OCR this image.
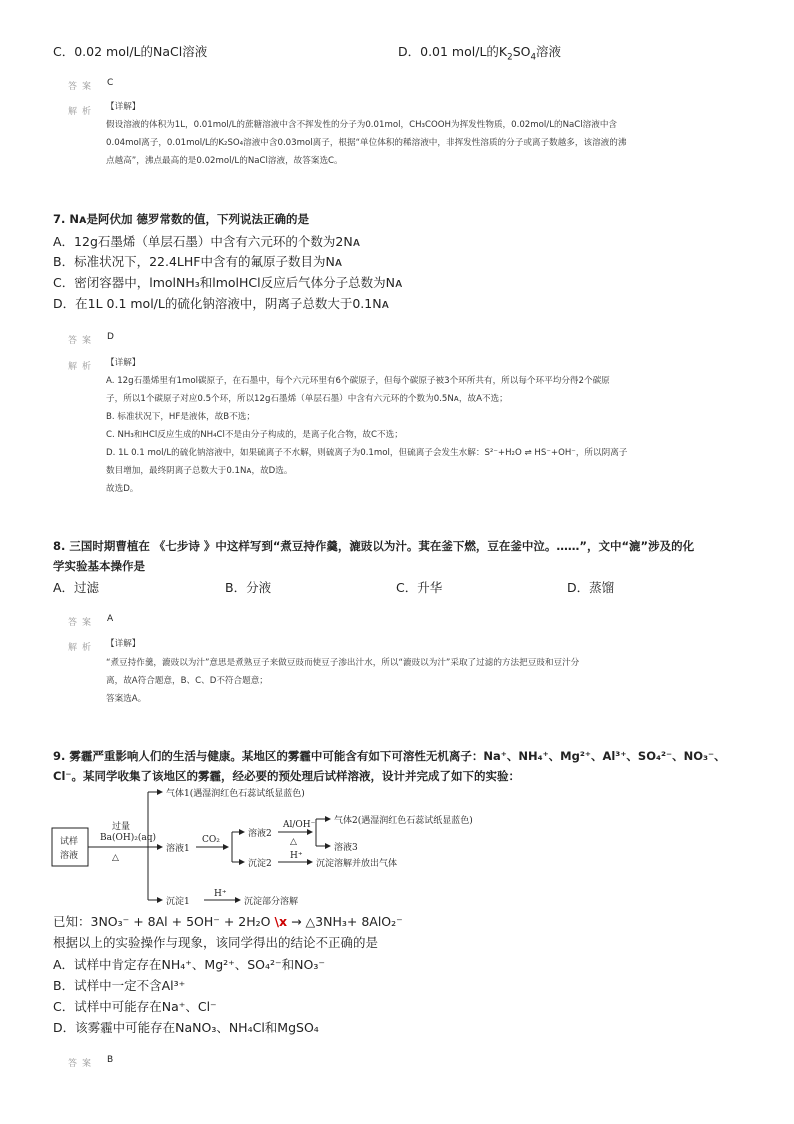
C．0.02 mol/L的NaCl溶液	D．0.01 mol/L的$K_2SO_4$溶液
答案 C
解析 【详解】
假设溶液的体积为1L，0.01mol/L的蔗糖溶液中含不挥发性的分子为0.01mol，CH₃COOH为挥发性物质，0.02mol/L的NaCl溶液中含
0.04mol离子，0.01mol/L的K₂SO₄溶液中含0.03mol离子，根据“单位体积的稀溶液中，非挥发性溶质的分子或离子数越多，该溶液的沸
点越高”，沸点最高的是0.02mol/L的NaCl溶液，故答案选C。
7. Nᴀ是阿伏加 德罗常数的值，下列说法正确的是
A．12g石墨烯（单层石墨）中含有六元环的个数为2Nᴀ
B．标准状况下，22.4LHF中含有的氟原子数目为Nᴀ
C．密闭容器中，lmolNH₃和lmolHCl反应后气体分子总数为Nᴀ
D．在1L 0.1 mol/L的硫化钠溶液中，阴离子总数大于0.1Nᴀ
答案 D
解析 【详解】
A. 12g石墨烯里有1mol碳原子，在石墨中，每个六元环里有6个碳原子，但每个碳原子被3个环所共有，所以每个环平均分得2个碳原
子，所以1个碳原子对应0.5个环，所以12g石墨烯（单层石墨）中含有六元环的个数为0.5Nᴀ，故A不选；
B. 标准状况下，HF是液体，故B不选；
C. NH₃和HCl反应生成的NH₄Cl不是由分子构成的，是离子化合物，故C不选；
D. 1L 0.1 mol/L的硫化钠溶液中，如果硫离子不水解，则硫离子为0.1mol，但硫离子会发生水解：S²⁻+H₂O ⇌ HS⁻+OH⁻，所以阴离子
数目增加，最终阴离子总数大于0.1Nᴀ，故D选。
故选D。
8. 三国时期曹植在 《七步诗 》中这样写到“煮豆持作羹，漉豉以为汁。萁在釜下燃，豆在釜中泣。……”，文中“漉”涉及的化
学实验基本操作是
A．过滤	B．分液	C．升华	D．蒸馏
答案 A
解析 【详解】
“煮豆持作羹，漉豉以为汁”意思是煮熟豆子来做豆豉而使豆子渗出汁水，所以“漉豉以为汁”采取了过滤的方法把豆豉和豆汁分
离，故A符合题意，B、C、D不符合题意；
答案选A。
9. 雾霾严重影响人们的生活与健康。某地区的雾霾中可能含有如下可溶性无机离子：Na⁺、NH₄⁺、Mg²⁺、Al³⁺、SO₄²⁻、NO₃⁻、
Cl⁻。某同学收集了该地区的雾霾，经必要的预处理后试样溶液，设计并完成了如下的实验：
试样
溶液
过量
Ba(OH)₂(aq)
△
气体1(遇湿润红色石蕊试纸显蓝色)
沉淀1
H⁺
沉淀部分溶解
溶液1
CO₂
溶液2
沉淀2
Al/OH⁻
△
气体2(遇湿润红色石蕊试纸显蓝色)
溶液3
H⁺
沉淀溶解并放出气体
已知：3NO₃⁻ + 8Al + 5OH⁻ + 2H₂O \x → △3NH₃+ 8AlO₂⁻
根据以上的实验操作与现象，该同学得出的结论不正确的是
A．试样中肯定存在NH₄⁺、Mg²⁺、SO₄²⁻和NO₃⁻
B．试样中一定不含Al³⁺
C．试样中可能存在Na⁺、Cl⁻
D．该雾霾中可能存在NaNO₃、NH₄Cl和MgSO₄
答案 B
